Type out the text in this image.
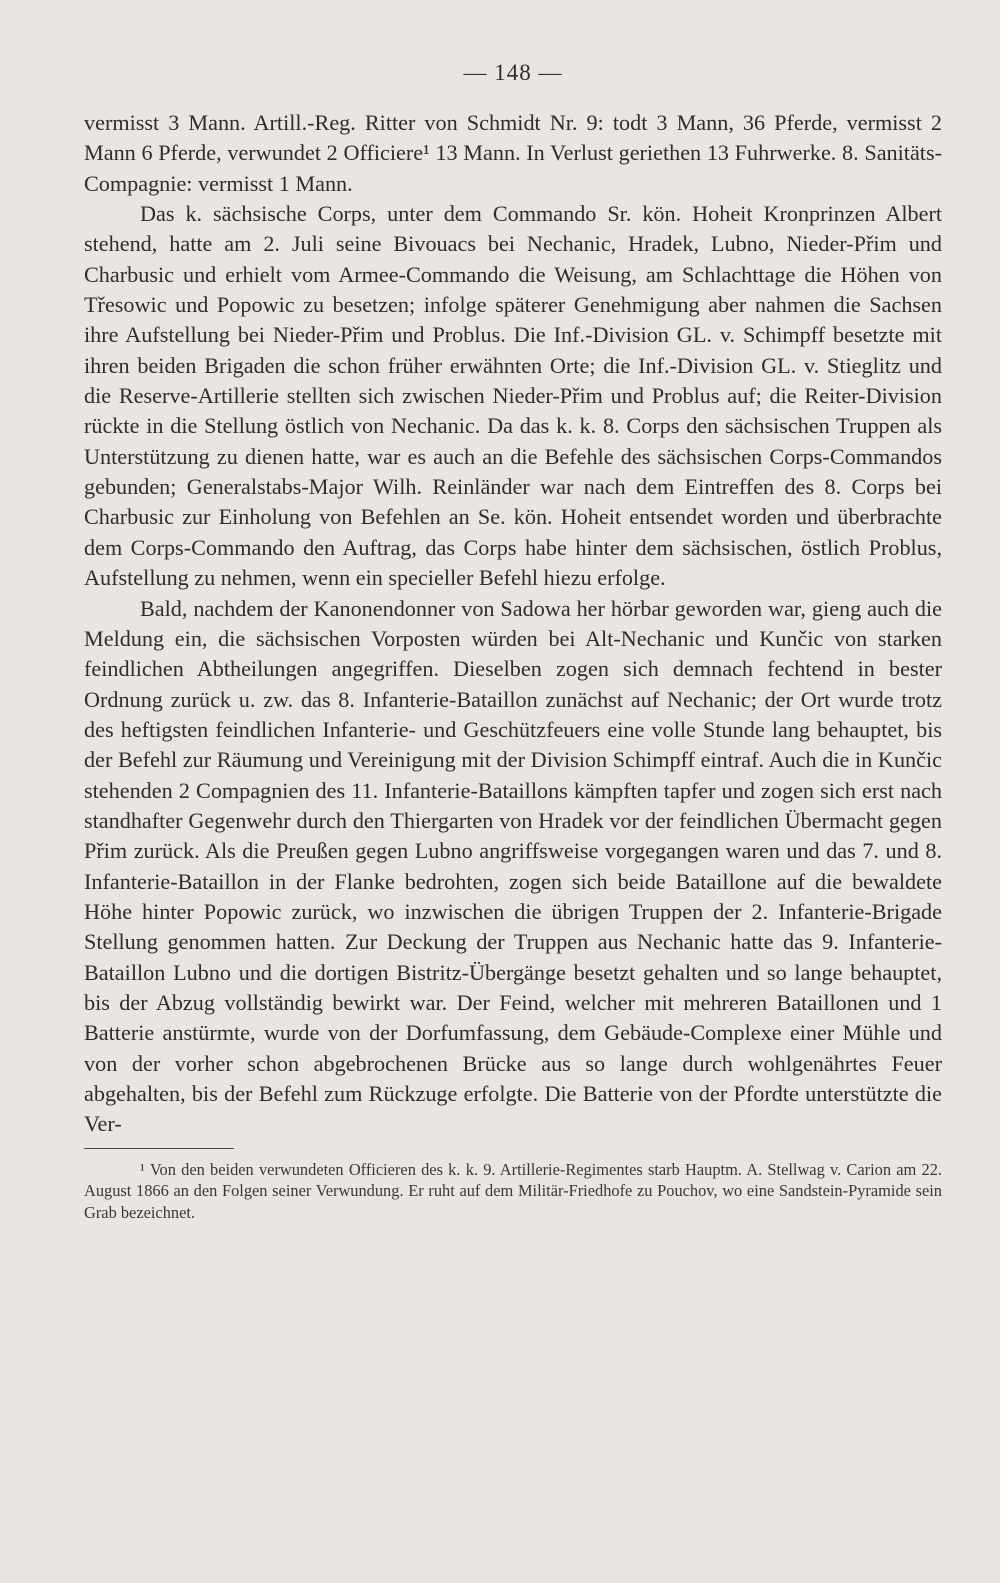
— 148 —

vermisst 3 Mann. Artill.-Reg. Ritter von Schmidt Nr. 9: todt 3 Mann, 36 Pferde, vermisst 2 Mann 6 Pferde, verwundet 2 Officiere¹ 13 Mann. In Verlust geriethen 13 Fuhrwerke. 8. Sanitäts-Compagnie: vermisst 1 Mann.

Das k. sächsische Corps, unter dem Commando Sr. kön. Hoheit Kronprinzen Albert stehend, hatte am 2. Juli seine Bivouacs bei Nechanic, Hradek, Lubno, Nieder-Přim und Charbusic und erhielt vom Armee-Commando die Weisung, am Schlachttage die Höhen von Třesowic und Popowic zu besetzen; infolge späterer Genehmigung aber nahmen die Sachsen ihre Aufstellung bei Nieder-Přim und Problus. Die Inf.-Division GL. v. Schimpff besetzte mit ihren beiden Brigaden die schon früher erwähnten Orte; die Inf.-Division GL. v. Stieglitz und die Reserve-Artillerie stellten sich zwischen Nieder-Přim und Problus auf; die Reiter-Division rückte in die Stellung östlich von Nechanic. Da das k. k. 8. Corps den sächsischen Truppen als Unterstützung zu dienen hatte, war es auch an die Befehle des sächsischen Corps-Commandos gebunden; Generalstabs-Major Wilh. Reinländer war nach dem Eintreffen des 8. Corps bei Charbusic zur Einholung von Befehlen an Se. kön. Hoheit entsendet worden und überbrachte dem Corps-Commando den Auftrag, das Corps habe hinter dem sächsischen, östlich Problus, Aufstellung zu nehmen, wenn ein specieller Befehl hiezu erfolge.

Bald, nachdem der Kanonendonner von Sadowa her hörbar geworden war, gieng auch die Meldung ein, die sächsischen Vorposten würden bei Alt-Nechanic und Kunčic von starken feindlichen Abtheilungen angegriffen. Dieselben zogen sich demnach fechtend in bester Ordnung zurück u. zw. das 8. Infanterie-Bataillon zunächst auf Nechanic; der Ort wurde trotz des heftigsten feindlichen Infanterie- und Geschützfeuers eine volle Stunde lang behauptet, bis der Befehl zur Räumung und Vereinigung mit der Division Schimpff eintraf. Auch die in Kunčic stehenden 2 Compagnien des 11. Infanterie-Bataillons kämpften tapfer und zogen sich erst nach standhafter Gegenwehr durch den Thiergarten von Hradek vor der feindlichen Übermacht gegen Přim zurück. Als die Preußen gegen Lubno angriffsweise vorgegangen waren und das 7. und 8. Infanterie-Bataillon in der Flanke bedrohten, zogen sich beide Bataillone auf die bewaldete Höhe hinter Popowic zurück, wo inzwischen die übrigen Truppen der 2. Infanterie-Brigade Stellung genommen hatten. Zur Deckung der Truppen aus Nechanic hatte das 9. Infanterie-Bataillon Lubno und die dortigen Bistritz-Übergänge besetzt gehalten und so lange behauptet, bis der Abzug vollständig bewirkt war. Der Feind, welcher mit mehreren Bataillonen und 1 Batterie anstürmte, wurde von der Dorfumfassung, dem Gebäude-Complexe einer Mühle und von der vorher schon abgebrochenen Brücke aus so lange durch wohlgenährtes Feuer abgehalten, bis der Befehl zum Rückzuge erfolgte. Die Batterie von der Pfordte unterstützte die Ver-

¹ Von den beiden verwundeten Officieren des k. k. 9. Artillerie-Regimentes starb Hauptm. A. Stellwag v. Carion am 22. August 1866 an den Folgen seiner Verwundung. Er ruht auf dem Militär-Friedhofe zu Pouchov, wo eine Sandstein-Pyramide sein Grab bezeichnet.
